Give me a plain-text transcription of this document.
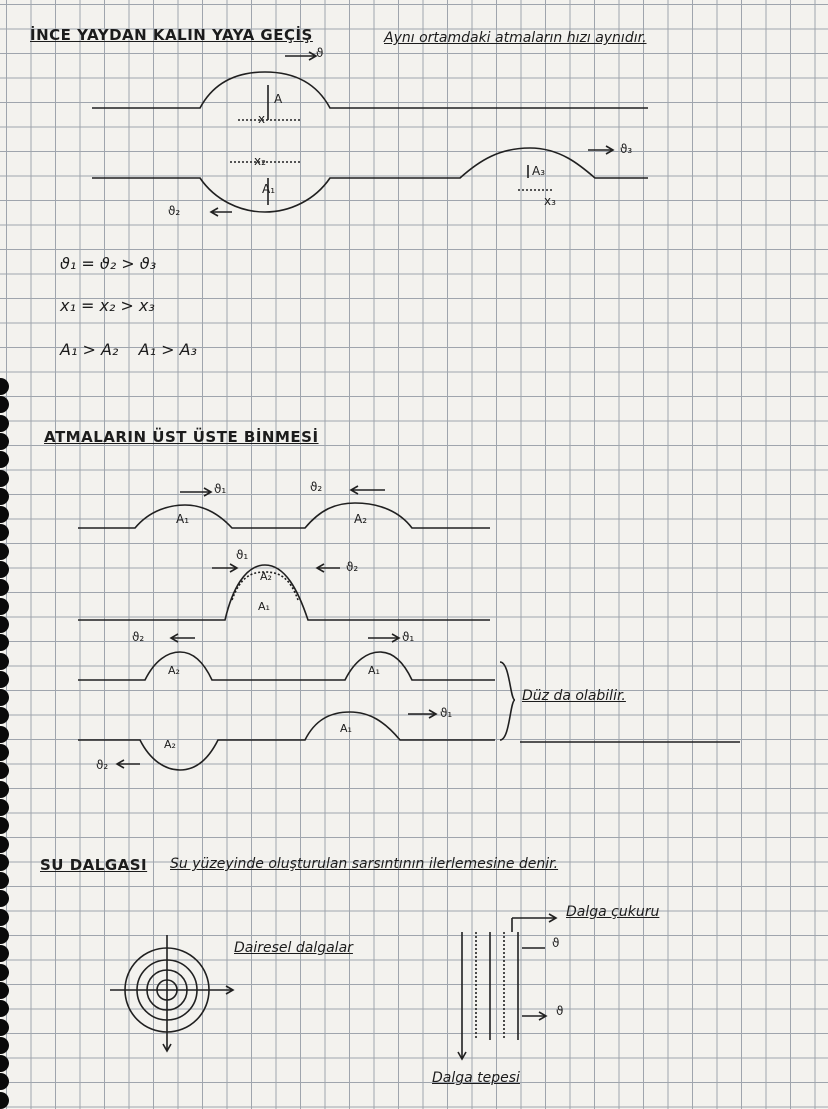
İNCE YAYDAN KALIN YAYA GEÇİŞ	Aynı ortamdaki atmaların hızı aynıdır.
ϑ
A
x
x₂
A₁
ϑ₂
ϑ₃
A₃
x₃
ϑ₁ = ϑ₂ > ϑ₃
x₁ = x₂ > x₃
A₁ > A₂    A₁ > A₃
ATMALARIN ÜST ÜSTE BİNMESİ
ϑ₁	ϑ₂
A₁	A₂
A₂
A₁
ϑ₁
ϑ₂
ϑ₂	ϑ₁
A₂	A₁
A₁
A₂
ϑ₁
ϑ₂
Düz da olabilir.
SU DALGASI Su yüzeyinde oluşturulan sarsıntının ilerlemesine denir.
Dalga çukuru
Dairesel dalgalar	ϑ
ϑ
Dalga tepesi
